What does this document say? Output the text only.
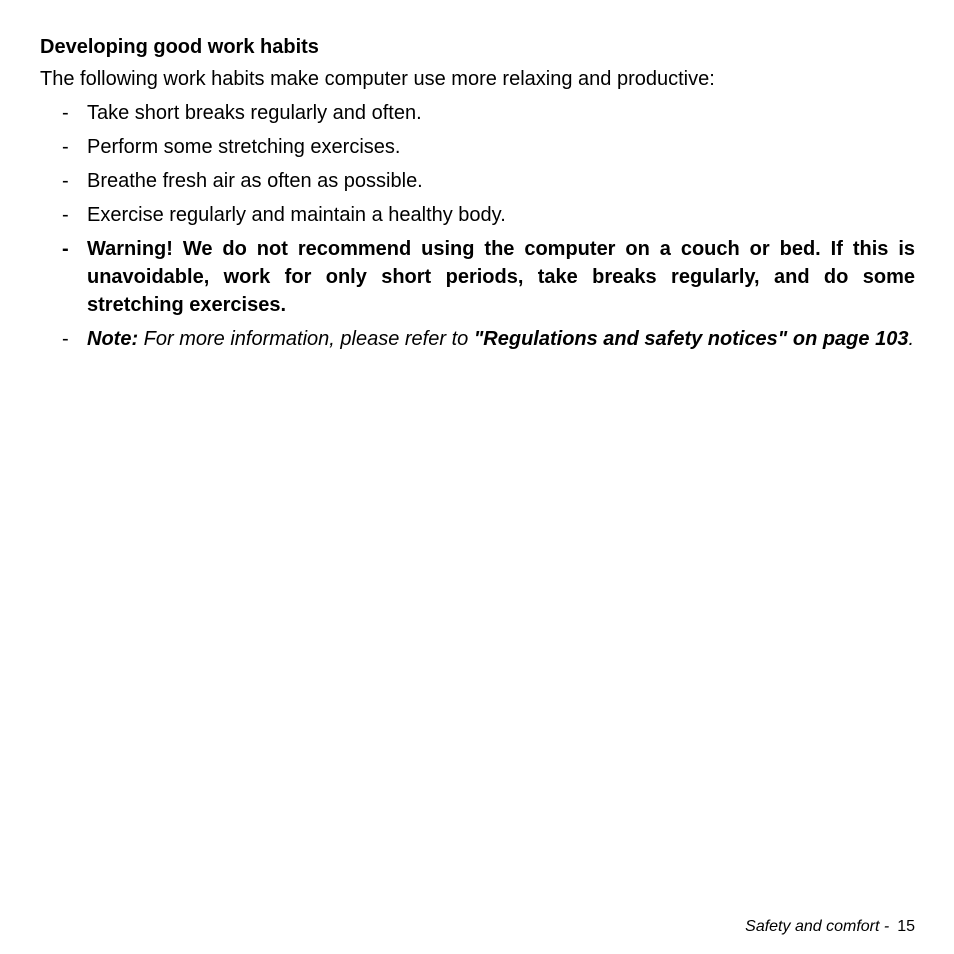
Developing good work habits
The following work habits make computer use more relaxing and productive:
- Take short breaks regularly and often.
- Perform some stretching exercises.
- Breathe fresh air as often as possible.
- Exercise regularly and maintain a healthy body.
- Warning! We do not recommend using the computer on a couch or bed. If this is unavoidable, work for only short periods, take breaks regularly, and do some stretching exercises.
- Note: For more information, please refer to "Regulations and safety notices" on page 103.
Safety and comfort - 15
